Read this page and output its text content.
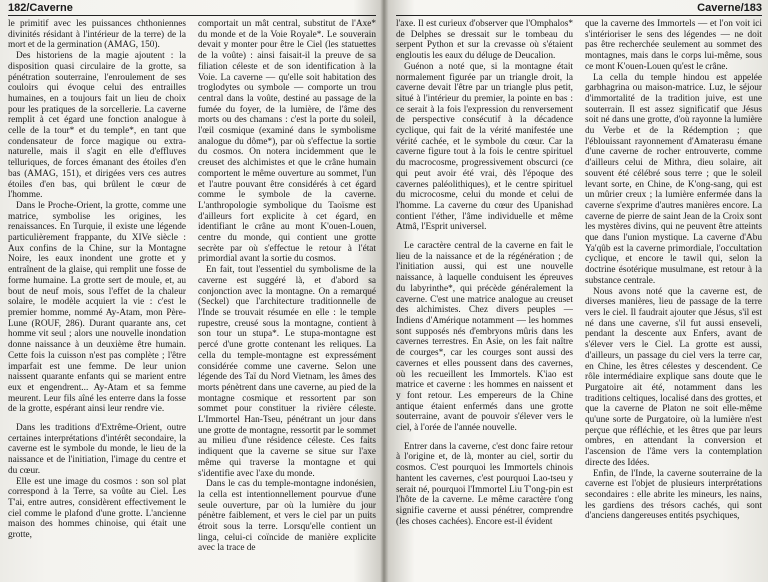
182/Caverne

le primitif avec les puissances chthoniennes divinités résidant à l'intérieur de la terre) de la mort et de la germination (AMAG, 150).

Des historiens de la magie ajoutent : la disposition quasi circulaire de la grotte, sa pénétration souterraine, l'enroulement de ses couloirs qui évoque celui des entrailles humaines, en a toujours fait un lieu de choix pour les pratiques de la sorcellerie. La caverne remplit à cet égard une fonction analogue à celle de la tour* et du temple*, en tant que condensateur de force magique ou extra-naturelle, mais il s'agit en elle d'effluves telluriques, de forces émanant des étoiles d'en bas (AMAG, 151), et dirigées vers ces autres étoiles d'en bas, qui brûlent le cœur de l'homme.

Dans le Proche-Orient, la grotte, comme une matrice, symbolise les origines, les renaissances. En Turquie, il existe une légende particulièrement frappante, du XIVe siècle : Aux confins de la Chine, sur la Montagne Noire, les eaux inondent une grotte et y entraînent de la glaise, qui remplit une fosse de forme humaine. La grotte sert de moule, et, au bout de neuf mois, sous l'effet de la chaleur solaire, le modèle acquiert la vie : c'est le premier homme, nommé Ay-Atam, mon Père-Lune (ROUF, 286). Durant quarante ans, cet homme vit seul ; alors une nouvelle inondation donne naissance à un deuxième être humain. Cette fois la cuisson n'est pas complète ; l'être imparfait est une femme. De leur union naissent quarante enfants qui se marient entre eux et engendrent... Ay-Atam et sa femme meurent. Leur fils aîné les enterre dans la fosse de la grotte, espérant ainsi leur rendre vie.

Dans les traditions d'Extrême-Orient, outre certaines interprétations d'intérêt secondaire, la caverne est le symbole du monde, le lieu de la naissance et de l'initiation, l'image du centre et du cœur.

Elle est une image du cosmos : son sol plat correspond à la Terre, sa voûte au Ciel. Les T'ai, entre autres, considèrent effectivement le ciel comme le plafond d'une grotte. L'ancienne maison des hommes chinoise, qui était une grotte,

comportait un mât central, substitut de l'Axe* du monde et de la Voie Royale*. Le souverain devait y monter pour être le Ciel (les statuettes de la voûte) : ainsi faisait-il la preuve de sa filiation céleste et de son identification à la Voie. La caverne — qu'elle soit habitation des troglodytes ou symbole — comporte un trou central dans la voûte, destiné au passage de la fumée du foyer, de la lumière, de l'âme des morts ou des chamans : c'est la porte du soleil, l'œil cosmique (examiné dans le symbolisme analogue du dôme*), par où s'effectue la sortie du cosmos. On notera incidemment que le creuset des alchimistes et que le crâne humain comportent le même ouverture au sommet, l'un et l'autre pouvant être considérés à cet égard comme le symbole de la caverne. L'anthropologie symbolique du Taoïsme est d'ailleurs fort explicite à cet égard, en identifiant le crâne au mont K'ouen-Louen, centre du monde, qui contient une grotte secrète par où s'effectue le retour à l'état primordial avant la sortie du cosmos.

En fait, tout l'essentiel du symbolisme de la caverne est suggéré là, et d'abord sa conjonction avec la montagne. On a remarqué (Seckel) que l'architecture traditionnelle de l'Inde se trouvait résumée en elle : le temple rupestre, creusé sous la montagne, contient à son tour un stupa*. Le stupa-montagne est percé d'une grotte contenant les reliques. La cella du temple-montagne est expressément considérée comme une caverne. Selon une légende des Taï du Nord Vietnam, les âmes des morts pénètrent dans une caverne, au pied de la montagne cosmique et ressortent par son sommet pour constituer la rivière céleste. L'Immortel Han-Tseu, pénétrant un jour dans une grotte de montagne, ressortit par le sommet au milieu d'une résidence céleste. Ces faits indiquent que la caverne se situe sur l'axe même qui traverse la montagne et qui s'identifie avec l'axe du monde.

Dans le cas du temple-montagne indonésien, la cella est intentionnellement pourvue d'une seule ouverture, par où la lumière du jour pénètre faiblement, et vers le ciel par un puits étroit sous la terre. Lorsqu'elle contient un linga, celui-ci coïncide de manière explicite avec la trace de

Caverne/183

l'axe. Il est curieux d'observer que l'Omphalos* de Delphes se dressait sur le tombeau du serpent Python et sur la crevasse où s'étaient engloutis les eaux du déluge de Deucalion.

Guénon a noté que, si la montagne était normalement figurée par un triangle droit, la caverne devait l'être par un triangle plus petit, situé à l'intérieur du premier, la pointe en bas : ce serait à la fois l'expression du renversement de perspective consécutif à la décadence cyclique, qui fait de la vérité manifestée une vérité cachée, et le symbole du cœur. Car la caverne figure tout à la fois le centre spirituel du macrocosme, progressivement obscurci (ce qui peut avoir été vrai, dès l'époque des cavernes paléolithiques), et le centre spirituel du microcosme, celui du monde et celui de l'homme. La caverne du cœur des Upanishad contient l'éther, l'âme individuelle et même Atmâ, l'Esprit universel.

Le caractère central de la caverne en fait le lieu de la naissance et de la régénération ; de l'initiation aussi, qui est une nouvelle naissance, à laquelle conduisent les épreuves du labyrinthe*, qui précède généralement la caverne. C'est une matrice analogue au creuset des alchimistes. Chez divers peuples — Indiens d'Amérique notamment — les hommes sont supposés nés d'embryons mûris dans les cavernes terrestres. En Asie, on les fait naître de courges*, car les courges sont aussi des cavernes et elles poussent dans des cavernes, où les recueillent les Immortels. K'iao est matrice et caverne : les hommes en naissent et y font retour. Les empereurs de la Chine antique étaient enfermés dans une grotte souterraine, avant de pouvoir s'élever vers le ciel, à l'orée de l'année nouvelle.

Entrer dans la caverne, c'est donc faire retour à l'origine et, de là, monter au ciel, sortir du cosmos. C'est pourquoi les Immortels chinois hantent les cavernes, c'est pourquoi Lao-tseu y serait né, pourquoi l'Immortel Liu T'ong-pin est l'hôte de la caverne. Le même caractère t'ong signifie caverne et aussi pénétrer, comprendre (les choses cachées). Encore est-il évident

que la caverne des Immortels — et l'on voit ici s'intérioriser le sens des légendes — ne doit pas être recherchée seulement au sommet des montagnes, mais dans le corps lui-même, sous ce mont K'ouen-Louen qu'est le crâne.

La cella du temple hindou est appelée garbhagrina ou maison-matrice. Luz, le séjour d'immortalité de la tradition juive, est une souterrain. Il est assez significatif que Jésus soit né dans une grotte, d'où rayonne la lumière du Verbe et de la Rédemption ; que l'éblouissant rayonnement d'Amaterasu émane d'une caverne de rocher entrouverte, comme d'ailleurs celui de Mithra, dieu solaire, ait souvent été célébré sous terre ; que le soleil levant sorte, en Chine, de K'ong-sang, qui est un mûrier creux ; la lumière enfermée dans la caverne s'exprime d'autres manières encore. La caverne de pierre de saint Jean de la Croix sont les mystères divins, qui ne peuvent être atteints que dans l'union mystique. La caverne d'Abu Ya'qûb est la caverne primordiale, l'occultation cyclique, et encore le tawil qui, selon la doctrine ésotérique musulmane, est retour à la substance centrale.

Nous avons noté que la caverne est, de diverses manières, lieu de passage de la terre vers le ciel. Il faudrait ajouter que Jésus, s'il est né dans une caverne, s'il fut aussi enseveli, pendant la descente aux Enfers, avant de s'élever vers le Ciel. La grotte est aussi, d'ailleurs, un passage du ciel vers la terre car, en Chine, les êtres célestes y descendent. Ce rôle intermédiaire explique sans doute que le Purgatoire ait été, notamment dans les traditions celtiques, localisé dans des grottes, et que la caverne de Platon ne soit elle-même qu'une sorte de Purgatoire, où la lumière n'est perçue que réfléchie, et les êtres que par leurs ombres, en attendant la conversion et l'ascension de l'âme vers la contemplation directe des Idées.

Enfin, de l'Inde, la caverne souterraine de la caverne est l'objet de plusieurs interprétations secondaires : elle abrite les mineurs, les nains, les gardiens des trésors cachés, qui sont d'anciens dangereuses entités psychiques,
